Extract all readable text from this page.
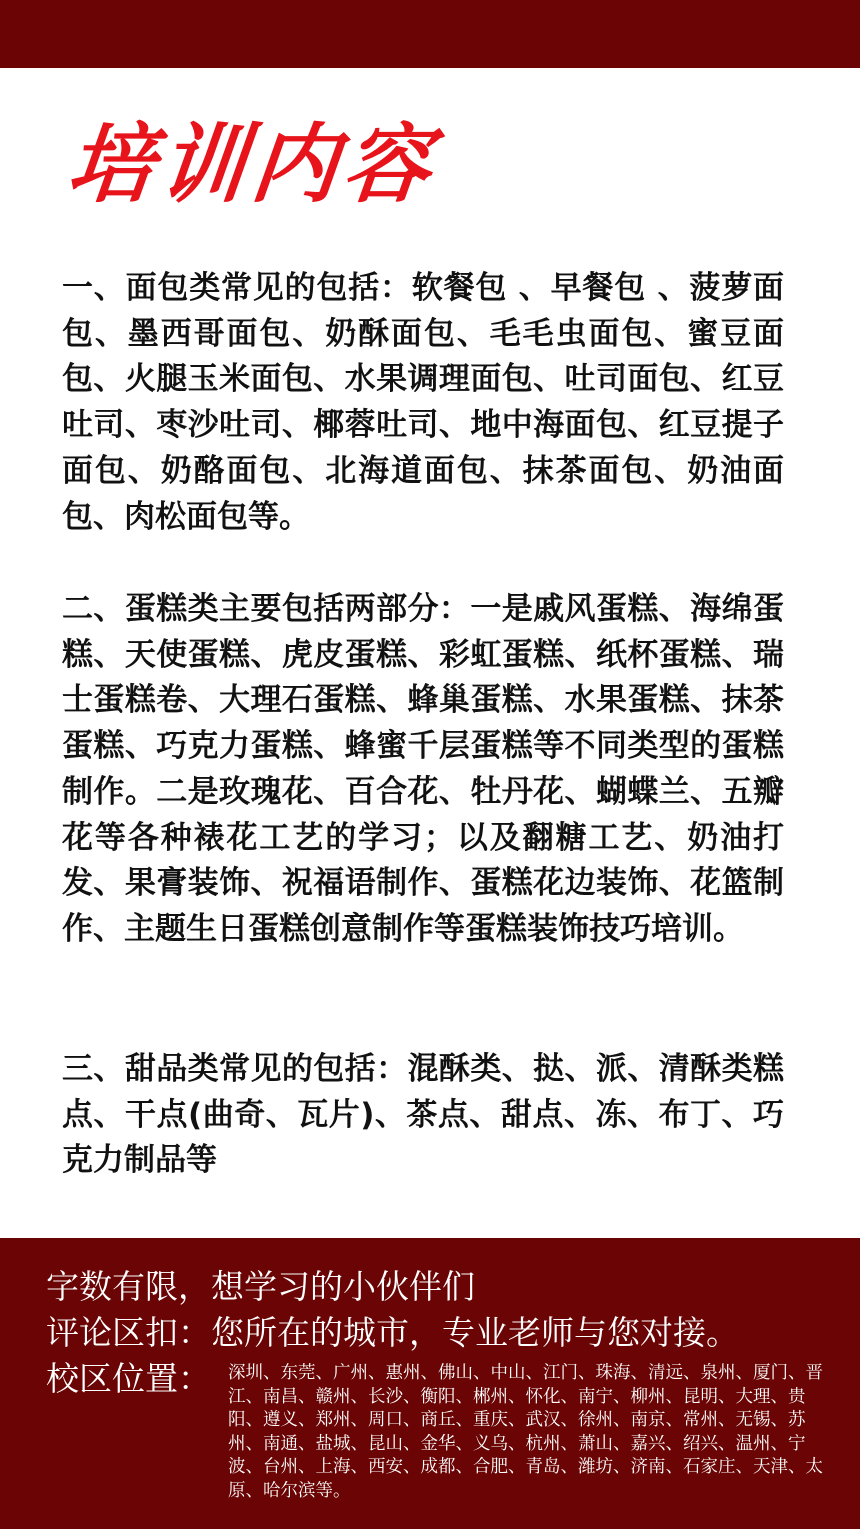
培训内容

一、面包类常见的包括：软餐包 、早餐包 、菠萝面包、墨西哥面包、奶酥面包、毛毛虫面包、蜜豆面包、火腿玉米面包、水果调理面包、吐司面包、红豆吐司、枣沙吐司、椰蓉吐司、地中海面包、红豆提子面包、奶酪面包、北海道面包、抹茶面包、奶油面包、肉松面包等。

二、蛋糕类主要包括两部分：一是戚风蛋糕、海绵蛋糕、天使蛋糕、虎皮蛋糕、彩虹蛋糕、纸杯蛋糕、瑞士蛋糕卷、大理石蛋糕、蜂巢蛋糕、水果蛋糕、抹茶蛋糕、巧克力蛋糕、蜂蜜千层蛋糕等不同类型的蛋糕制作。二是玫瑰花、百合花、牡丹花、蝴蝶兰、五瓣花等各种裱花工艺的学习；以及翻糖工艺、奶油打发、果膏装饰、祝福语制作、蛋糕花边装饰、花篮制作、主题生日蛋糕创意制作等蛋糕装饰技巧培训。

三、甜品类常见的包括：混酥类、挞、派、清酥类糕点、干点(曲奇、瓦片)、茶点、甜点、冻、布丁、巧克力制品等

字数有限，想学习的小伙伴们
评论区扣：您所在的城市，专业老师与您对接。
校区位置： 深圳、东莞、广州、惠州、佛山、中山、江门、珠海、清远、泉州、厦门、晋江、南昌、赣州、长沙、衡阳、郴州、怀化、南宁、柳州、昆明、大理、贵阳、遵义、郑州、周口、商丘、重庆、武汉、徐州、南京、常州、无锡、苏州、南通、盐城、昆山、金华、义乌、杭州、萧山、嘉兴、绍兴、温州、宁波、台州、上海、西安、成都、合肥、青岛、潍坊、济南、石家庄、天津、太原、哈尔滨等。
